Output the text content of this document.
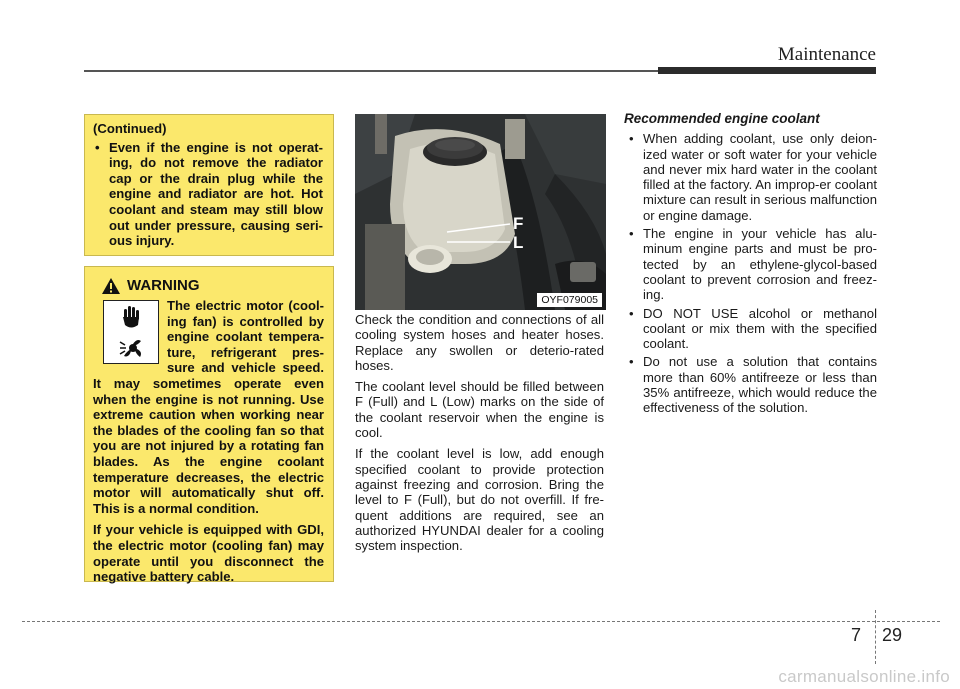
Maintenance
(Continued)
• Even if the engine is not operat-ing, do not remove the radiator cap or the drain plug while the engine and radiator are hot. Hot coolant and steam may still blow out under pressure, causing seri-ous injury.
WARNING

The electric motor (cool-ing fan) is controlled by engine coolant tempera-ture, refrigerant pres-sure and vehicle speed. It may sometimes operate even when the engine is not running. Use extreme caution when working near the blades of the cooling fan so that you are not injured by a rotating fan blades. As the engine coolant temperature decreases, the electric motor will automatically shut off. This is a normal condition.

If your vehicle is equipped with GDI, the electric motor (cooling fan) may operate until you disconnect the negative battery cable.

F
L
OYF079005

Check the condition and connections of all cooling system hoses and heater hoses. Replace any swollen or deterio-rated hoses.

The coolant level should be filled between F (Full) and L (Low) marks on the side of the coolant reservoir when the engine is cool.

If the coolant level is low, add enough specified coolant to provide protection against freezing and corrosion. Bring the level to F (Full), but do not overfill. If fre-quent additions are required, see an authorized HYUNDAI dealer for a cooling system inspection.

Recommended engine coolant
• When adding coolant, use only deion-ized water or soft water for your vehicle and never mix hard water in the coolant filled at the factory. An improp-er coolant mixture can result in serious malfunction or engine damage.
• The engine in your vehicle has alu-minum engine parts and must be pro-tected by an ethylene-glycol-based coolant to prevent corrosion and freez-ing.
• DO NOT USE alcohol or methanol coolant or mix them with the specified coolant.
• Do not use a solution that contains more than 60% antifreeze or less than 35% antifreeze, which would reduce the effectiveness of the solution.
7 29
carmanualsonline.info
